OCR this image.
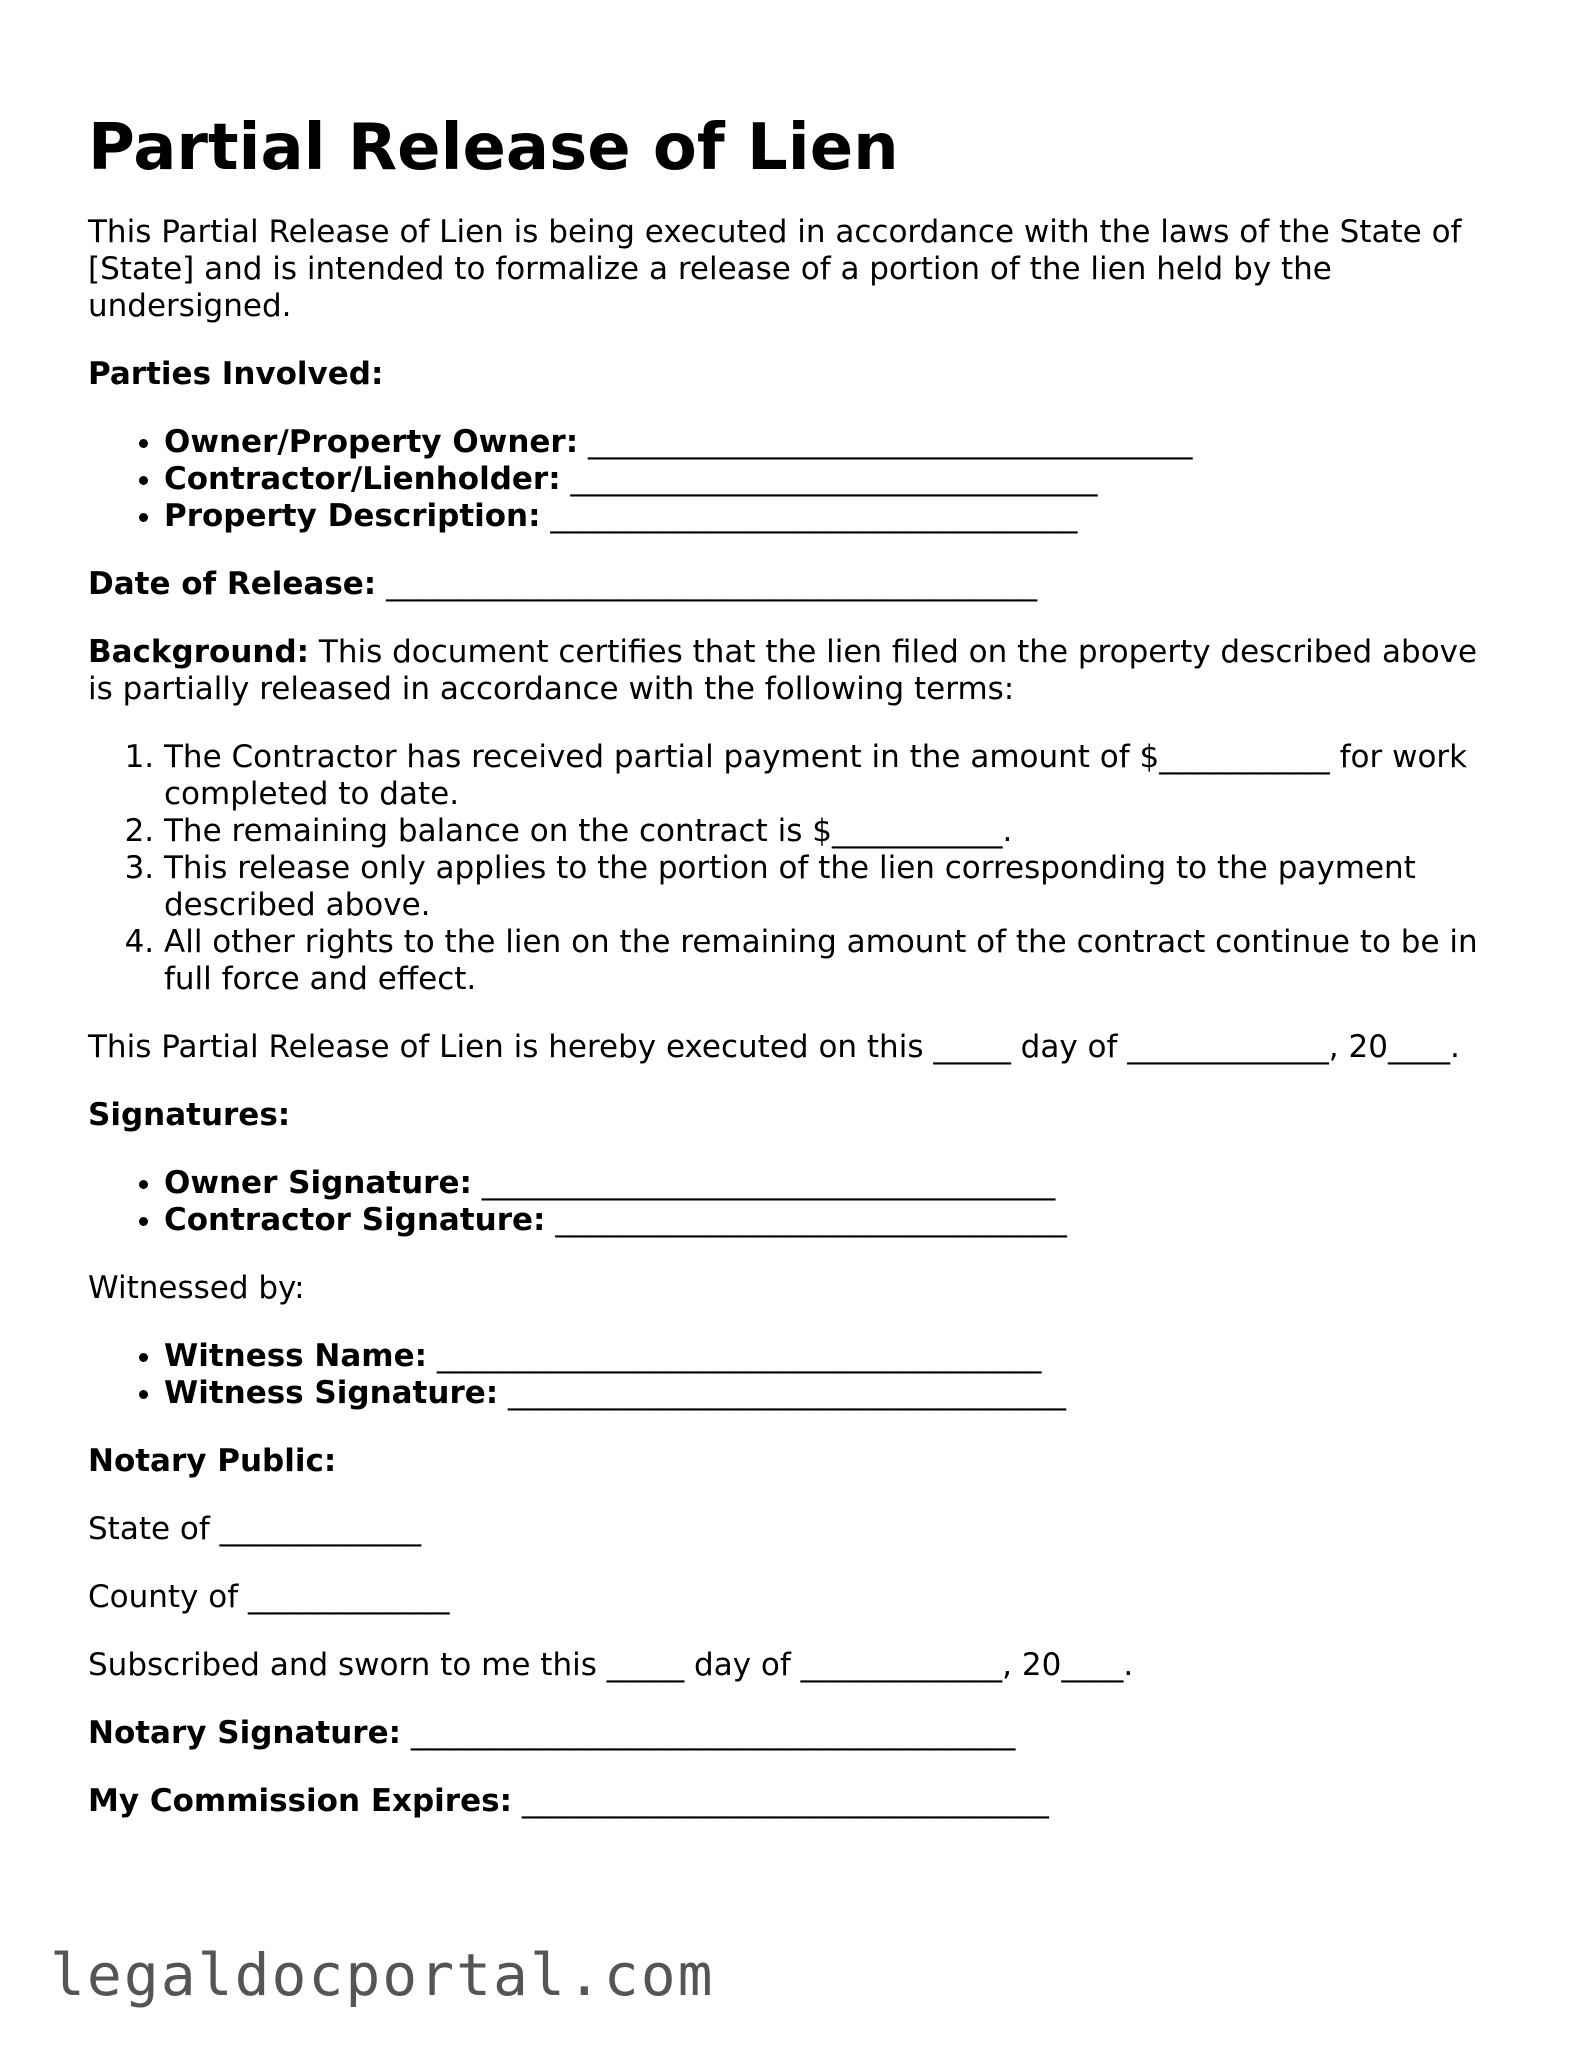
Partial Release of Lien

This Partial Release of Lien is being executed in accordance with the laws of the State of [State] and is intended to formalize a release of a portion of the lien held by the undersigned.

Parties Involved:

• Owner/Property Owner: _______________________________________
• Contractor/Lienholder: __________________________________
• Property Description: __________________________________

Date of Release: __________________________________________

Background: This document certifies that the lien filed on the property described above is partially released in accordance with the following terms:

1. The Contractor has received partial payment in the amount of $___________ for work completed to date.
2. The remaining balance on the contract is $___________.
3. This release only applies to the portion of the lien corresponding to the payment described above.
4. All other rights to the lien on the remaining amount of the contract continue to be in full force and effect.

This Partial Release of Lien is hereby executed on this _____ day of _____________, 20____.

Signatures:

• Owner Signature: _____________________________________
• Contractor Signature: _________________________________

Witnessed by:

• Witness Name: _______________________________________
• Witness Signature: ____________________________________

Notary Public:

State of _____________

County of _____________

Subscribed and sworn to me this _____ day of _____________, 20____.

Notary Signature: _______________________________________

My Commission Expires: __________________________________

legaldocportal.com
